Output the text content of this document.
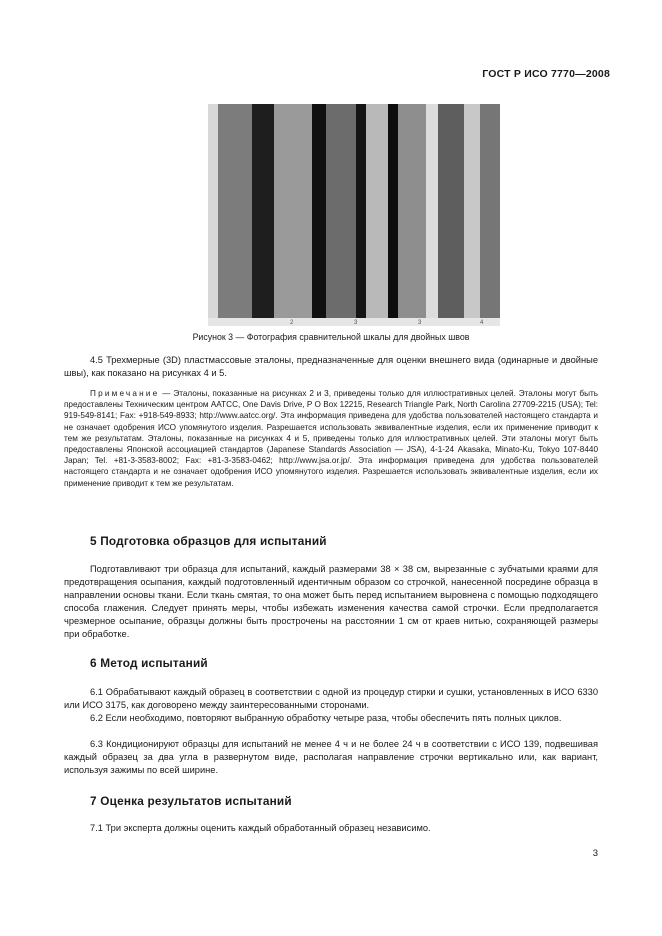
ГОСТ Р ИСО 7770—2008
2	3	3	4
Рисунок 3 — Фотография сравнительной шкалы для двойных швов

4.5 Трехмерные (3D) пластмассовые эталоны, предназначенные для оценки внешнего вида (одинарные и двойные швы), как показано на рисунках 4 и 5.

Примечание — Эталоны, показанные на рисунках 2 и 3, приведены только для иллюстративных целей. Эталоны могут быть предоставлены Техническим центром AATCC, One Davis Drive, P O Box 12215, Research Triangle Park, North Carolina 27709-2215 (USA); Tel: 919-549-8141; Fax: +918-549-8933; http://www.aatcc.org/. Эта информация приведена для удобства пользователей настоящего стандарта и не означает одобрения ИСО упомянутого изделия. Разрешается использовать эквивалентные изделия, если их применение приводит к тем же результатам. Эталоны, показанные на рисунках 4 и 5, приведены только для иллюстративных целей. Эти эталоны могут быть предоставлены Японской ассоциацией стандартов (Japanese Standards Association — JSA), 4-1-24 Akasaka, Minato-Ku, Tokyo 107-8440 Japan; Tel. +81-3-3583-8002; Fax: +81-3-3583-0462; http://www.jsa.or.jp/. Эта информация приведена для удобства пользователей настоящего стандарта и не означает одобрения ИСО упомянутого изделия. Разрешается использовать эквивалентные изделия, если их применение приводит к тем же результатам.

5 Подготовка образцов для испытаний

Подготавливают три образца для испытаний, каждый размерами 38 × 38 см, вырезанные с зубчатыми краями для предотвращения осыпания, каждый подготовленный идентичным образом со строчкой, нанесенной посредине образца в направлении основы ткани. Если ткань смятая, то она может быть перед испытанием выровнена с помощью подходящего способа глажения. Следует принять меры, чтобы избежать изменения качества самой строчки. Если предполагается чрезмерное осыпание, образцы должны быть прострочены на расстоянии 1 см от краев нитью, сохраняющей размеры при обработке.

6 Метод испытаний

6.1 Обрабатывают каждый образец в соответствии с одной из процедур стирки и сушки, установленных в ИСО 6330 или ИСО 3175, как договорено между заинтересованными сторонами.

6.2 Если необходимо, повторяют выбранную обработку четыре раза, чтобы обеспечить пять полных циклов.

6.3 Кондиционируют образцы для испытаний не менее 4 ч и не более 24 ч в соответствии с ИСО 139, подвешивая каждый образец за два угла в развернутом виде, располагая направление строчки вертикально или, как вариант, используя зажимы по всей ширине.

7 Оценка результатов испытаний

7.1 Три эксперта должны оценить каждый обработанный образец независимо.

3
